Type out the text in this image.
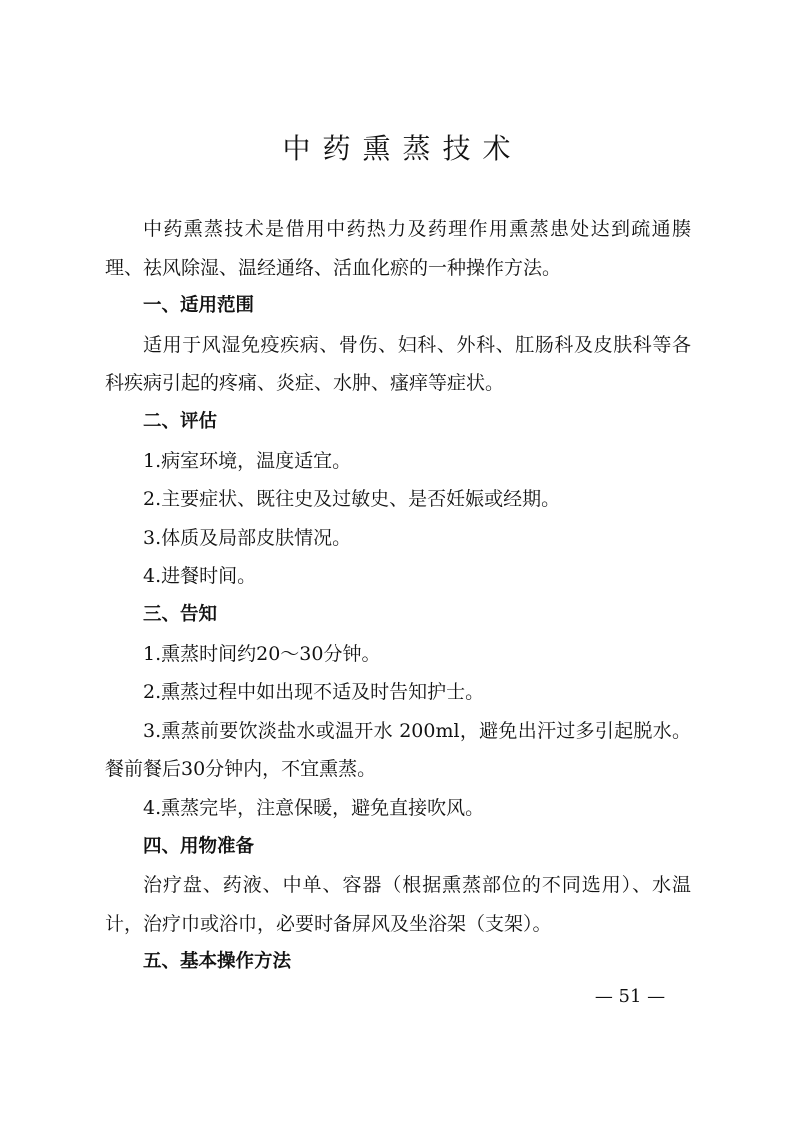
中药熏蒸技术

中药熏蒸技术是借用中药热力及药理作用熏蒸患处达到疏通腠理、祛风除湿、温经通络、活血化瘀的一种操作方法。

一、适用范围

适用于风湿免疫疾病、骨伤、妇科、外科、肛肠科及皮肤科等各科疾病引起的疼痛、炎症、水肿、瘙痒等症状。

二、评估

1.病室环境，温度适宜。

2.主要症状、既往史及过敏史、是否妊娠或经期。

3.体质及局部皮肤情况。

4.进餐时间。

三、告知

1.熏蒸时间约20～30分钟。

2.熏蒸过程中如出现不适及时告知护士。

3.熏蒸前要饮淡盐水或温开水 200ml，避免出汗过多引起脱水。餐前餐后30分钟内，不宜熏蒸。

4.熏蒸完毕，注意保暖，避免直接吹风。

四、用物准备

治疗盘、药液、中单、容器（根据熏蒸部位的不同选用）、水温计，治疗巾或浴巾，必要时备屏风及坐浴架（支架）。

五、基本操作方法

— 51 —
